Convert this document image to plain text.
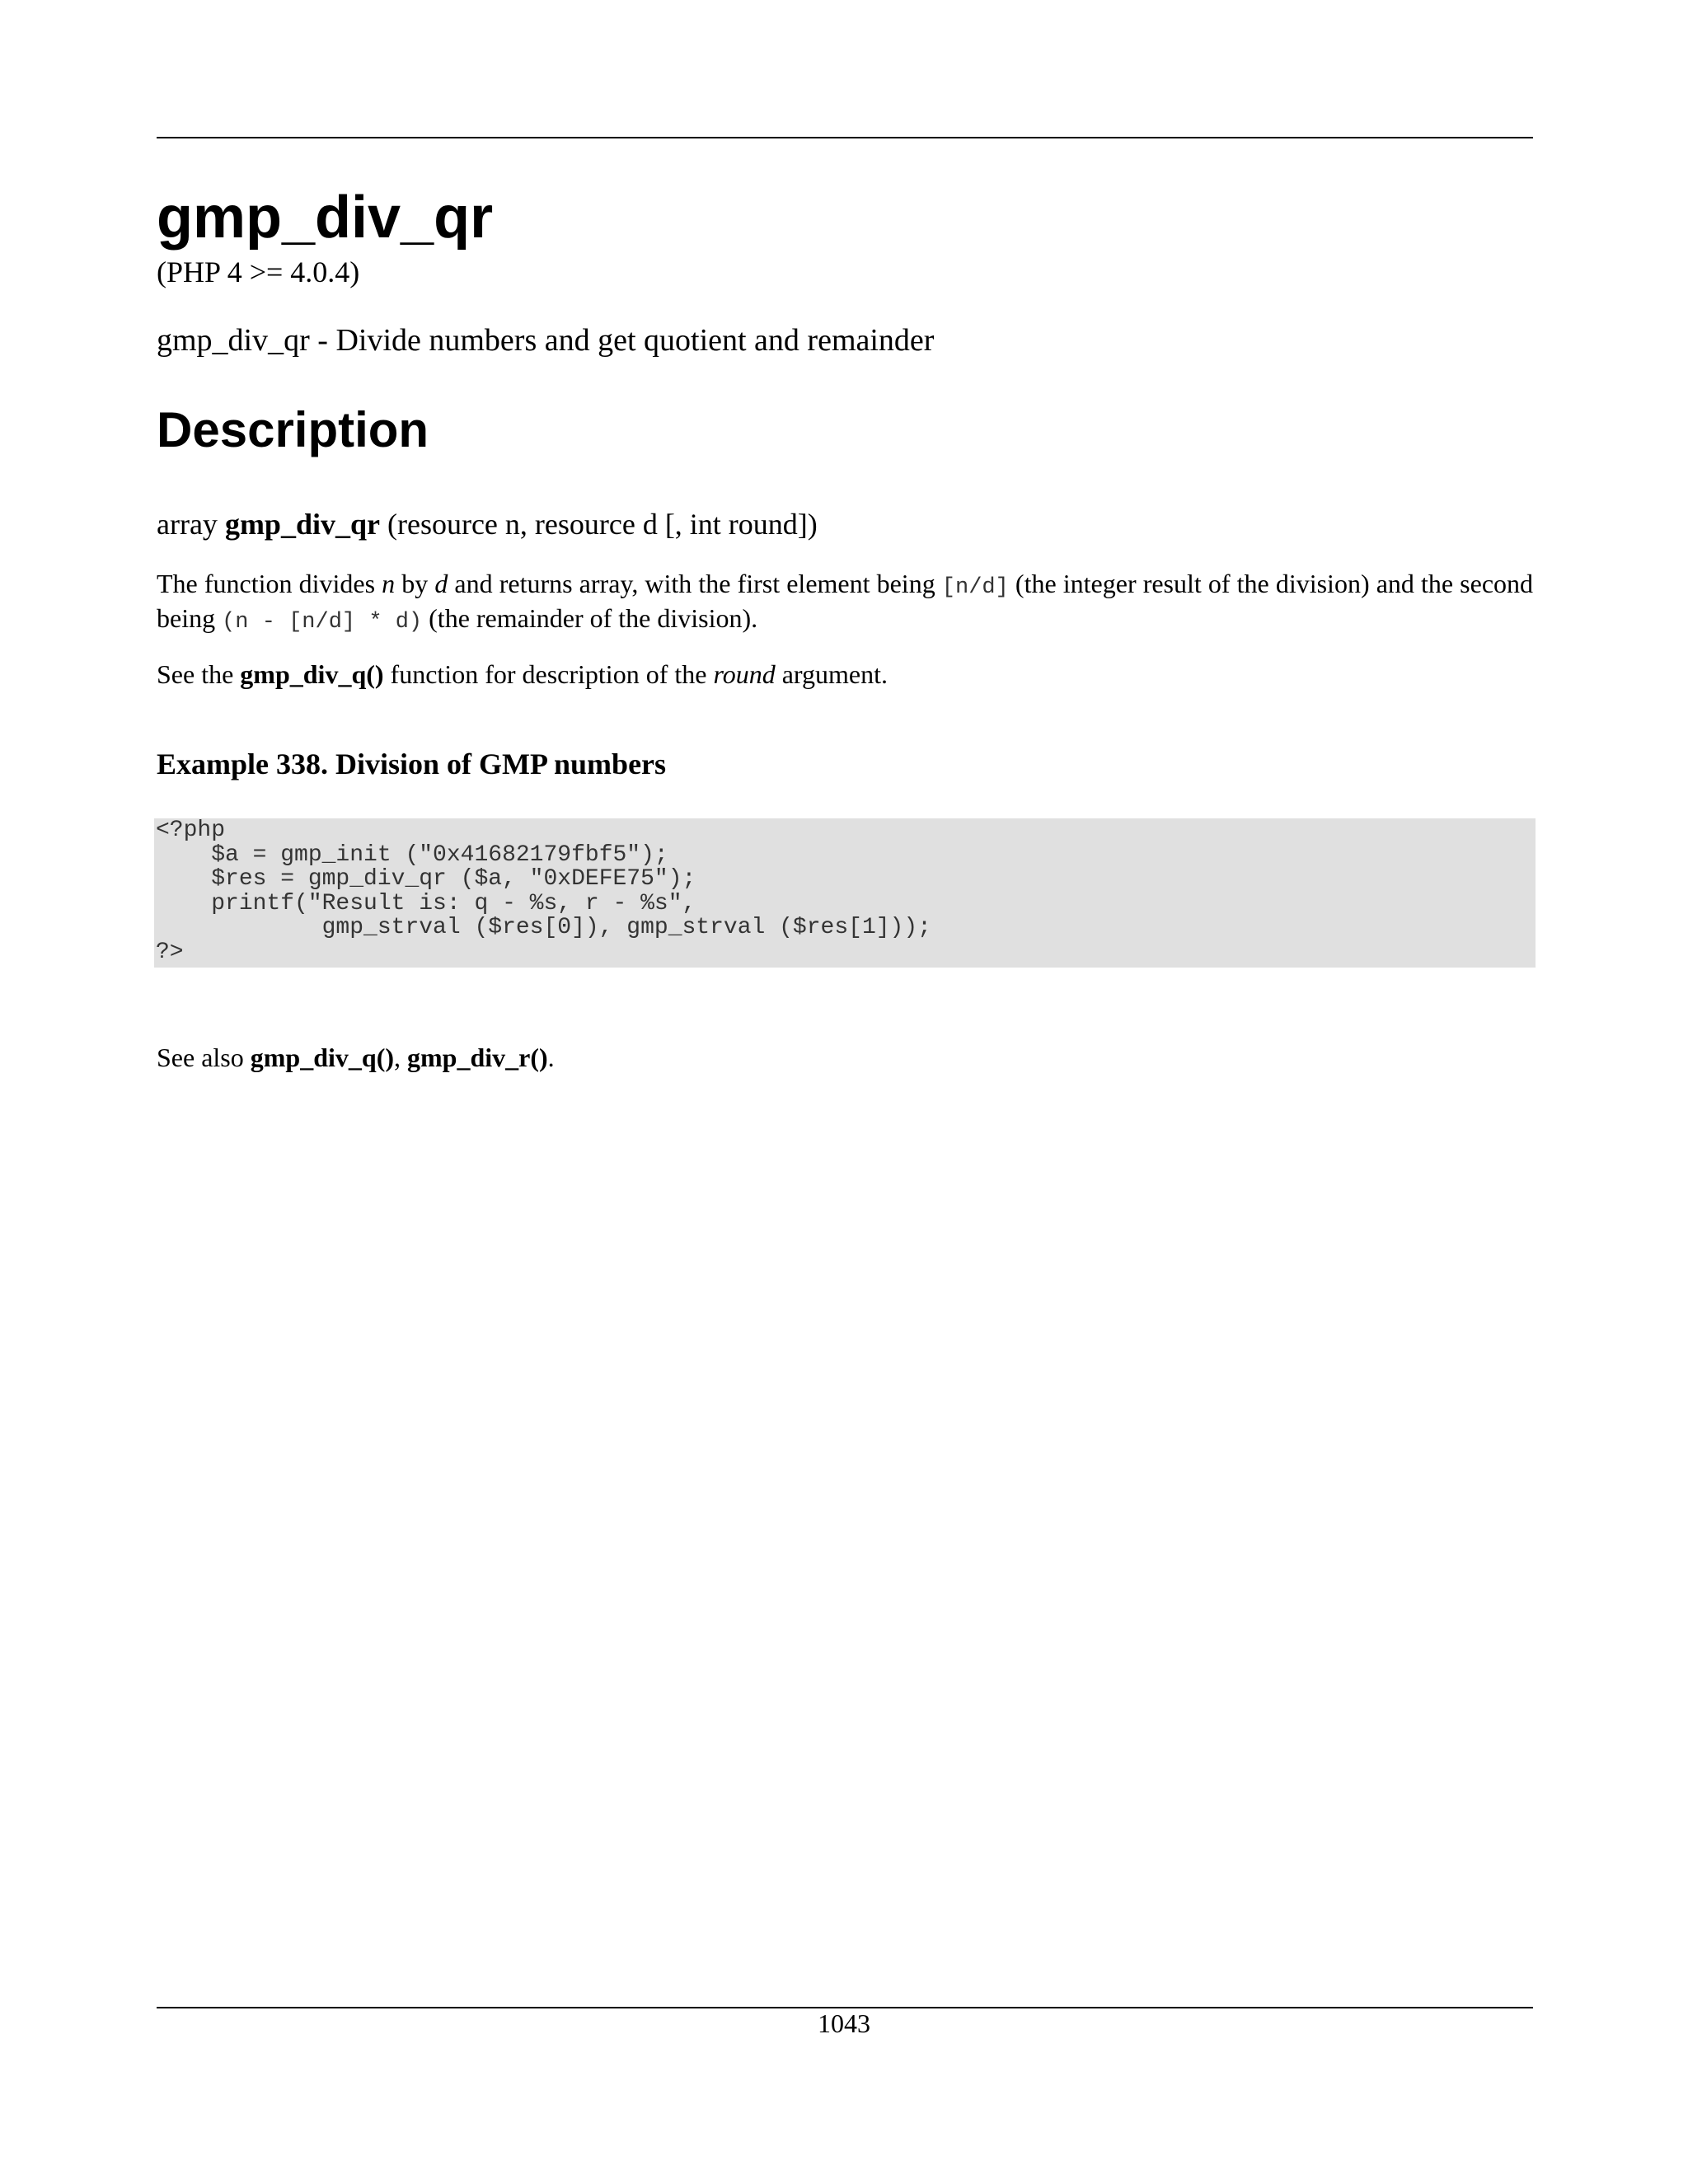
gmp_div_qr
(PHP 4 >= 4.0.4)
gmp_div_qr - Divide numbers and get quotient and remainder
Description
array gmp_div_qr (resource n, resource d [, int round])
The function divides n by d and returns array, with the first element being [n/d] (the integer result of the division) and the second being (n - [n/d] * d) (the remainder of the division).
See the gmp_div_q() function for description of the round argument.
Example 338. Division of GMP numbers
<?php
$a = gmp_init ("0x41682179fbf5");
$res = gmp_div_qr ($a, "0xDEFE75");
printf("Result is: q - %s, r - %s",
gmp_strval ($res[0]), gmp_strval ($res[1]));
?>
See also gmp_div_q(), gmp_div_r().
1043
